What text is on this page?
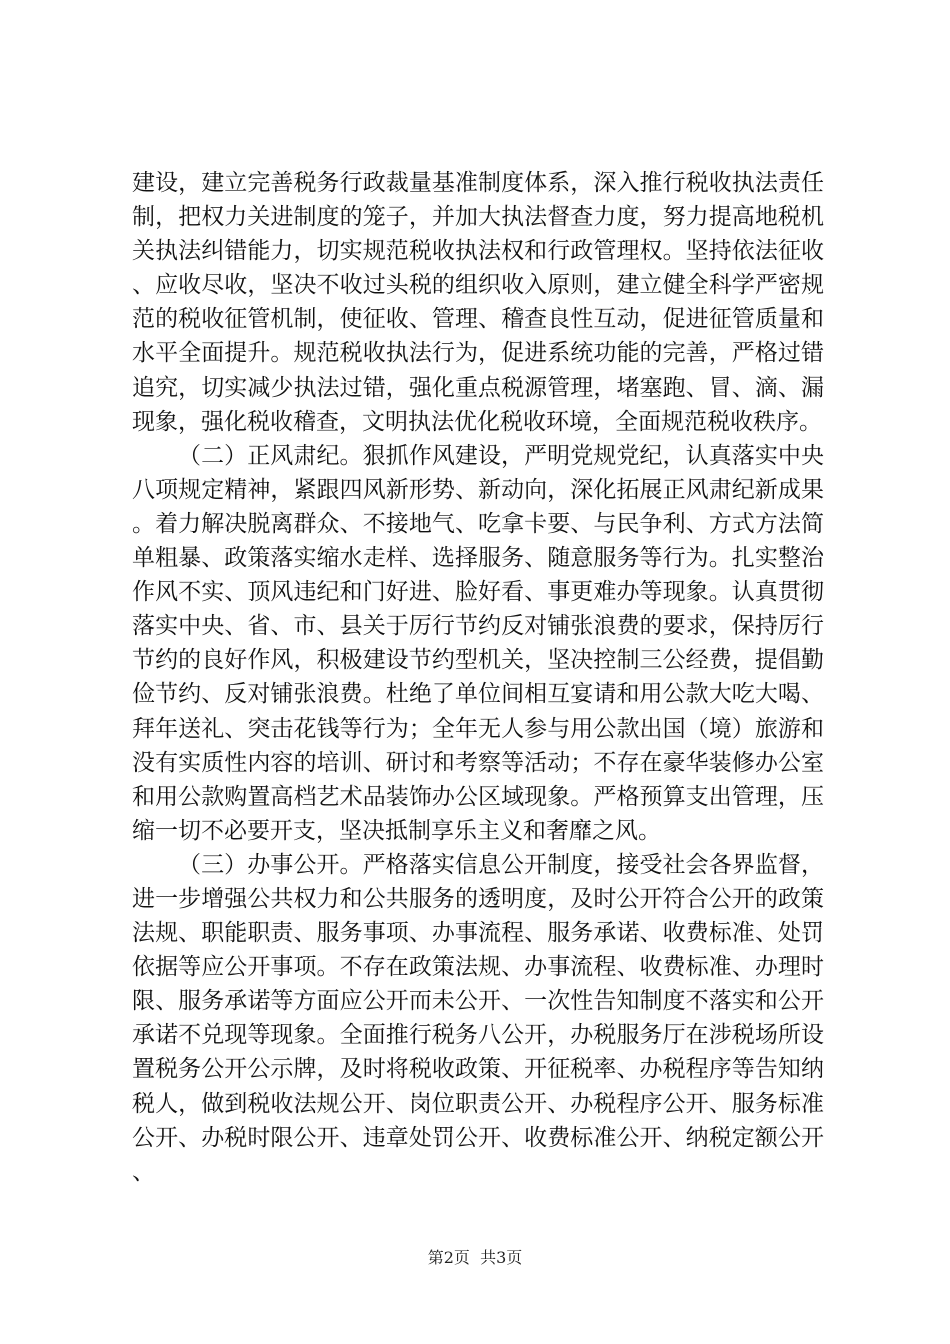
建设，建立完善税务行政裁量基准制度体系，深入推行税收执法责任制，把权力关进制度的笼子，并加大执法督查力度，努力提高地税机关执法纠错能力，切实规范税收执法权和行政管理权。坚持依法征收、应收尽收，坚决不收过头税的组织收入原则，建立健全科学严密规范的税收征管机制，使征收、管理、稽查良性互动，促进征管质量和水平全面提升。规范税收执法行为，促进系统功能的完善，严格过错追究，切实减少执法过错，强化重点税源管理，堵塞跑、冒、滴、漏现象，强化税收稽查，文明执法优化税收环境，全面规范税收秩序。

（二）正风肃纪。狠抓作风建设，严明党规党纪，认真落实中央八项规定精神，紧跟四风新形势、新动向，深化拓展正风肃纪新成果。着力解决脱离群众、不接地气、吃拿卡要、与民争利、方式方法简单粗暴、政策落实缩水走样、选择服务、随意服务等行为。扎实整治作风不实、顶风违纪和门好进、脸好看、事更难办等现象。认真贯彻落实中央、省、市、县关于厉行节约反对铺张浪费的要求，保持厉行节约的良好作风，积极建设节约型机关，坚决控制三公经费，提倡勤俭节约、反对铺张浪费。杜绝了单位间相互宴请和用公款大吃大喝、拜年送礼、突击花钱等行为；全年无人参与用公款出国（境）旅游和没有实质性内容的培训、研讨和考察等活动；不存在豪华装修办公室和用公款购置高档艺术品装饰办公区域现象。严格预算支出管理，压缩一切不必要开支，坚决抵制享乐主义和奢靡之风。

（三）办事公开。严格落实信息公开制度，接受社会各界监督，进一步增强公共权力和公共服务的透明度，及时公开符合公开的政策法规、职能职责、服务事项、办事流程、服务承诺、收费标准、处罚依据等应公开事项。不存在政策法规、办事流程、收费标准、办理时限、服务承诺等方面应公开而未公开、一次性告知制度不落实和公开承诺不兑现等现象。全面推行税务八公开，办税服务厅在涉税场所设置税务公开公示牌，及时将税收政策、开征税率、办税程序等告知纳税人，做到税收法规公开、岗位职责公开、办税程序公开、服务标准公开、办税时限公开、违章处罚公开、收费标准公开、纳税定额公开、

第2页  共3页
